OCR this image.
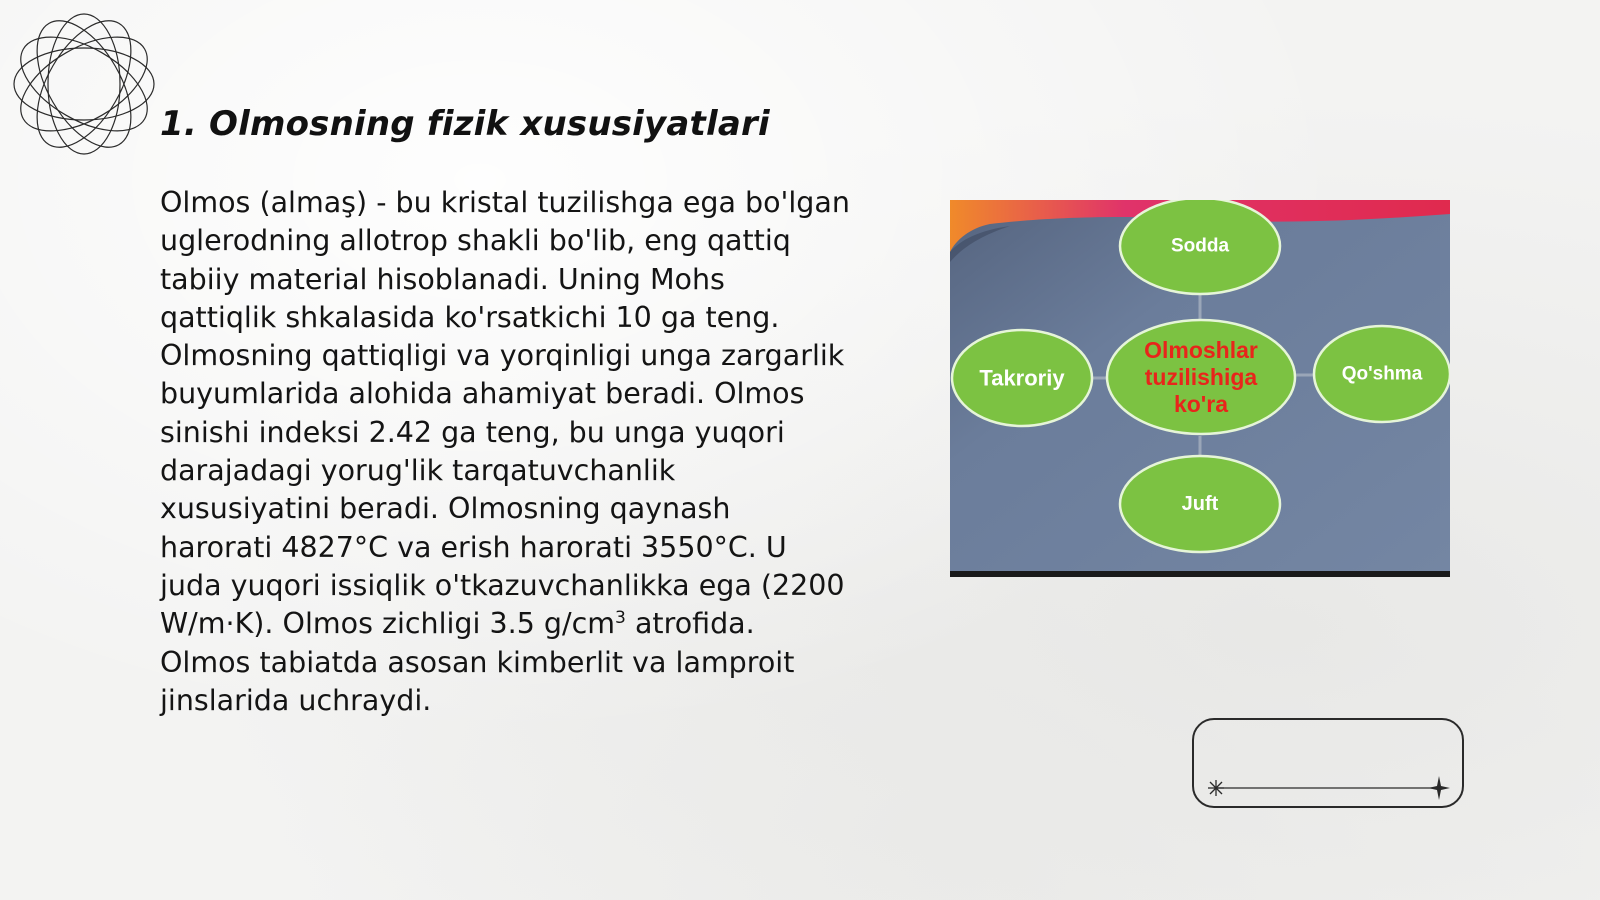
1. Olmosning fizik xususiyatlari

Olmos (almaş) - bu kristal tuzilishga ega bo'lgan uglerodning allotrop shakli bo'lib, eng qattiq tabiiy material hisoblanadi. Uning Mohs qattiqlik shkalasida ko'rsatkichi 10 ga teng. Olmosning qattiqligi va yorqinligi unga zargarlik buyumlarida alohida ahamiyat beradi. Olmos sinishi indeksi 2.42 ga teng, bu unga yuqori darajadagi yorug'lik tarqatuvchanlik xususiyatini beradi. Olmosning qaynash harorati 4827°C va erish harorati 3550°C. U juda yuqori issiqlik o'tkazuvchanlikka ega (2200 W/m·K). Olmos zichligi 3.5 $g/cm^3$ atrofida. Olmos tabiatda asosan kimberlit va lamproit jinslarida uchraydi.

Sodda
Takroriy	Qo'shma
Juft
Olmoshlar
tuzilishiga
ko'ra
